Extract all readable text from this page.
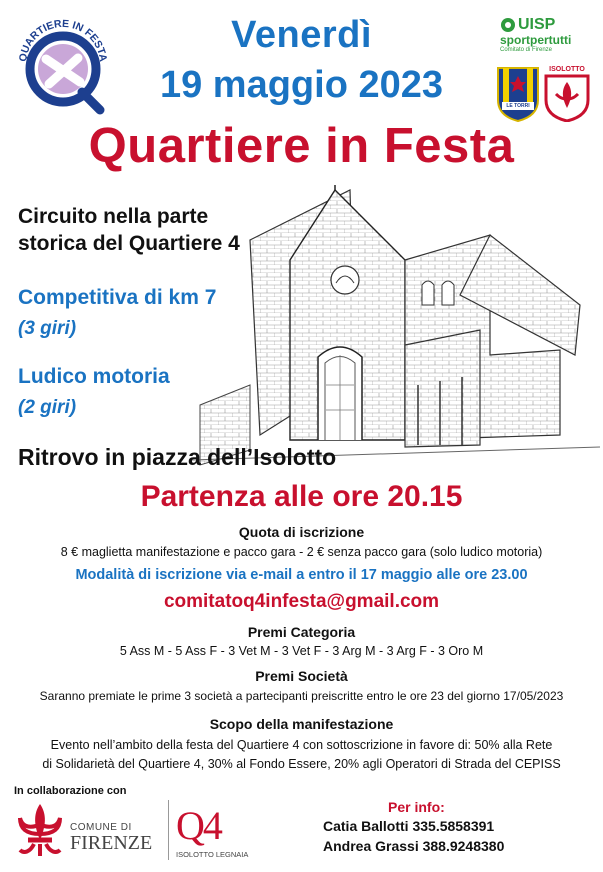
QUARTIERE IN FESTA
Venerdì
19 maggio 2023
Quartiere in Festa
UISP
sportpertutti
Comitato di Firenze
LE TORRI
ISOLOTTO
Circuito nella parte
storica del Quartiere 4
Competitiva di km 7
(3 giri)
Ludico motoria
(2 giri)
Ritrovo in piazza dell’Isolotto
Partenza alle ore 20.15
Quota di iscrizione
8 € maglietta manifestazione e pacco gara - 2 € senza pacco gara (solo ludico motoria)
Modalità di iscrizione via e-mail a entro il 17 maggio alle ore 23.00
comitatoq4infesta@gmail.com
Premi Categoria
5 Ass M - 5 Ass F - 3 Vet M - 3 Vet F - 3 Arg M - 3 Arg F - 3 Oro M
Premi Società
Saranno premiate le prime 3 società a partecipanti preiscritte entro le ore 23 del giorno 17/05/2023
Scopo della manifestazione
Evento nell’ambito della festa del Quartiere 4 con sottoscrizione in favore di: 50% alla Rete
di Solidarietà del Quartiere 4, 30% al Fondo Essere, 20% agli Operatori di Strada del CEPISS
In collaborazione con
COMUNE DI
FIRENZE Q4
ISOLOTTO LEGNAIA
Per info:
Catia Ballotti 335.5858391
Andrea Grassi 388.9248380
